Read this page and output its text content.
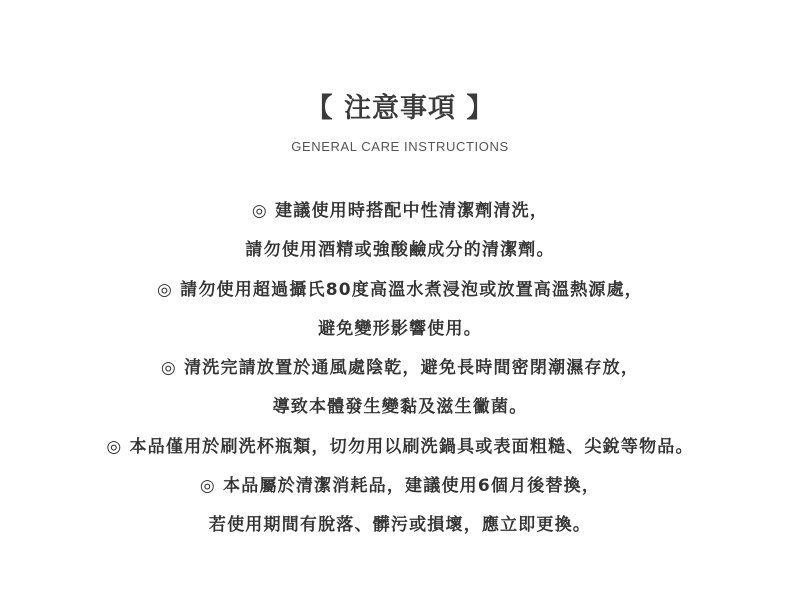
【 注意事項 】
GENERAL CARE INSTRUCTIONS
◎ 建議使用時搭配中性清潔劑清洗，
請勿使用酒精或強酸鹼成分的清潔劑。
◎ 請勿使用超過攝氏80度高溫水煮浸泡或放置高溫熱源處，
避免變形影響使用。
◎ 清洗完請放置於通風處陰乾，避免長時間密閉潮濕存放，
導致本體發生變黏及滋生黴菌。
◎ 本品僅用於刷洗杯瓶類，切勿用以刷洗鍋具或表面粗糙、尖銳等物品。
◎ 本品屬於清潔消耗品，建議使用6個月後替換，
若使用期間有脫落、髒污或損壞，應立即更換。
